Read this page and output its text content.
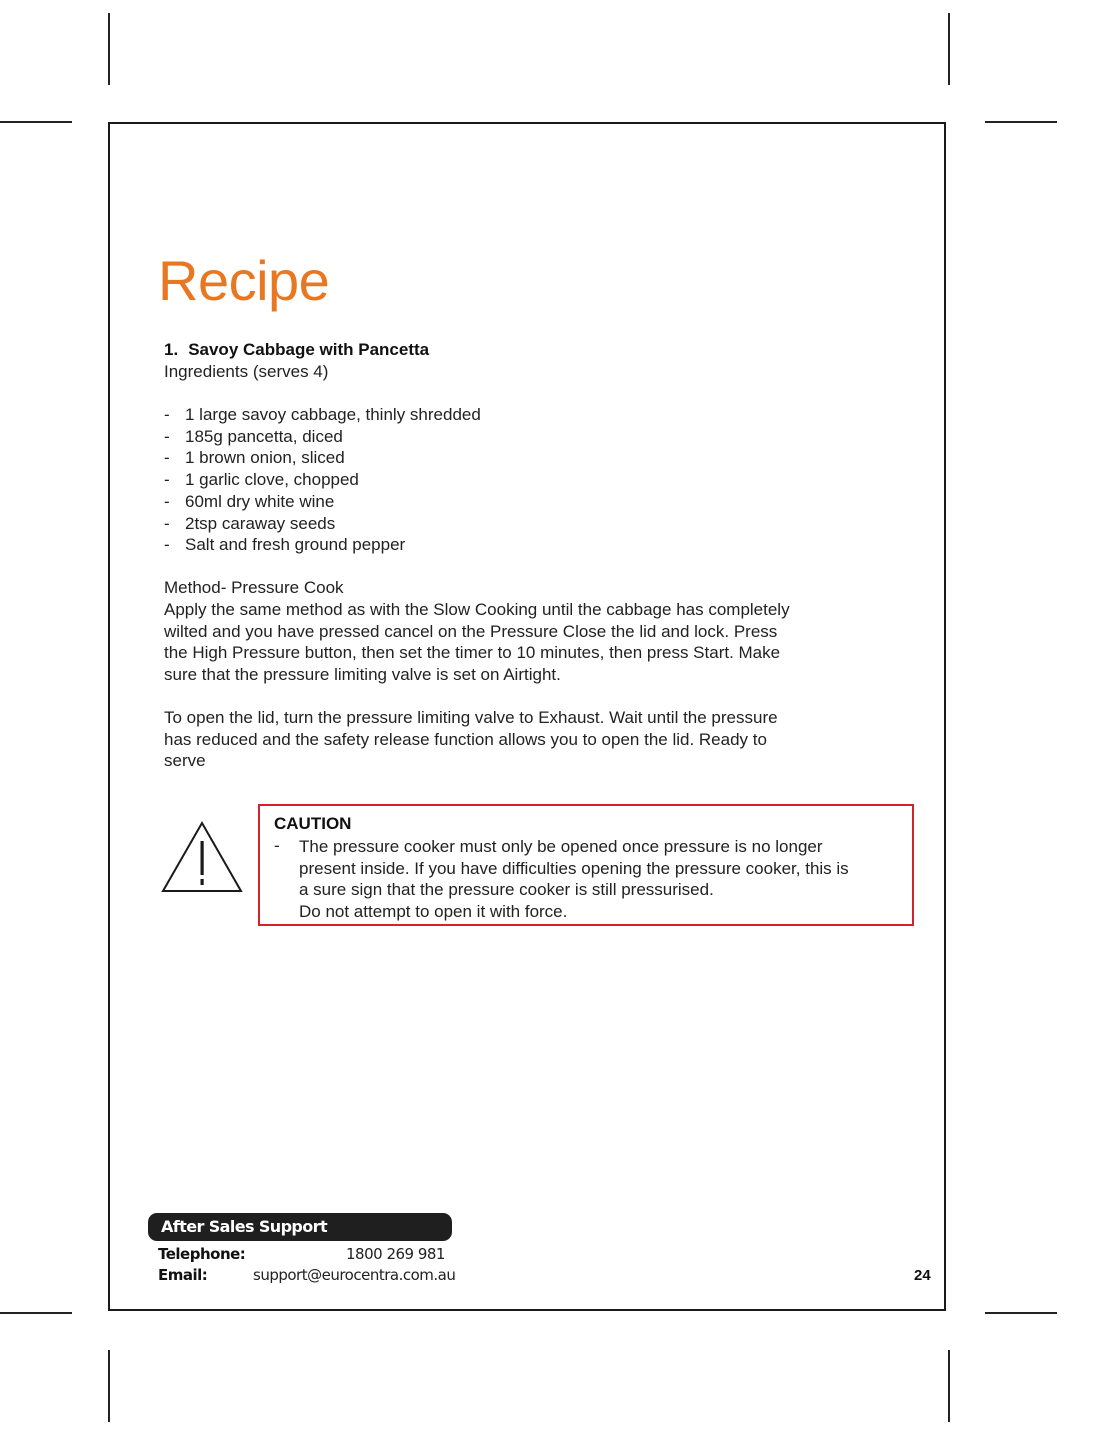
Recipe
1. Savoy Cabbage with Pancetta

Ingredients (serves 4)

- 1 large savoy cabbage, thinly shredded
- 185g pancetta, diced
- 1 brown onion, sliced
- 1 garlic clove, chopped
- 60ml dry white wine
- 2tsp caraway seeds
- Salt and fresh ground pepper

Method- Pressure Cook

Apply the same method as with the Slow Cooking until the cabbage has completely
wilted and you have pressed cancel on the Pressure Close the lid and lock. Press
the High Pressure button, then set the timer to 10 minutes, then press Start. Make
sure that the pressure limiting valve is set on Airtight.
To open the lid, turn the pressure limiting valve to Exhaust. Wait until the pressure
has reduced and the safety release function allows you to open the lid. Ready to
serve

CAUTION

- The pressure cooker must only be opened once pressure is no longer
present inside. If you have difficulties opening the pressure cooker, this is
a sure sign that the pressure cooker is still pressurised.
Do not attempt to open it with force.
After Sales Support
Telephone:	1800 269 981
Email:	support@eurocentra.com.au	24
